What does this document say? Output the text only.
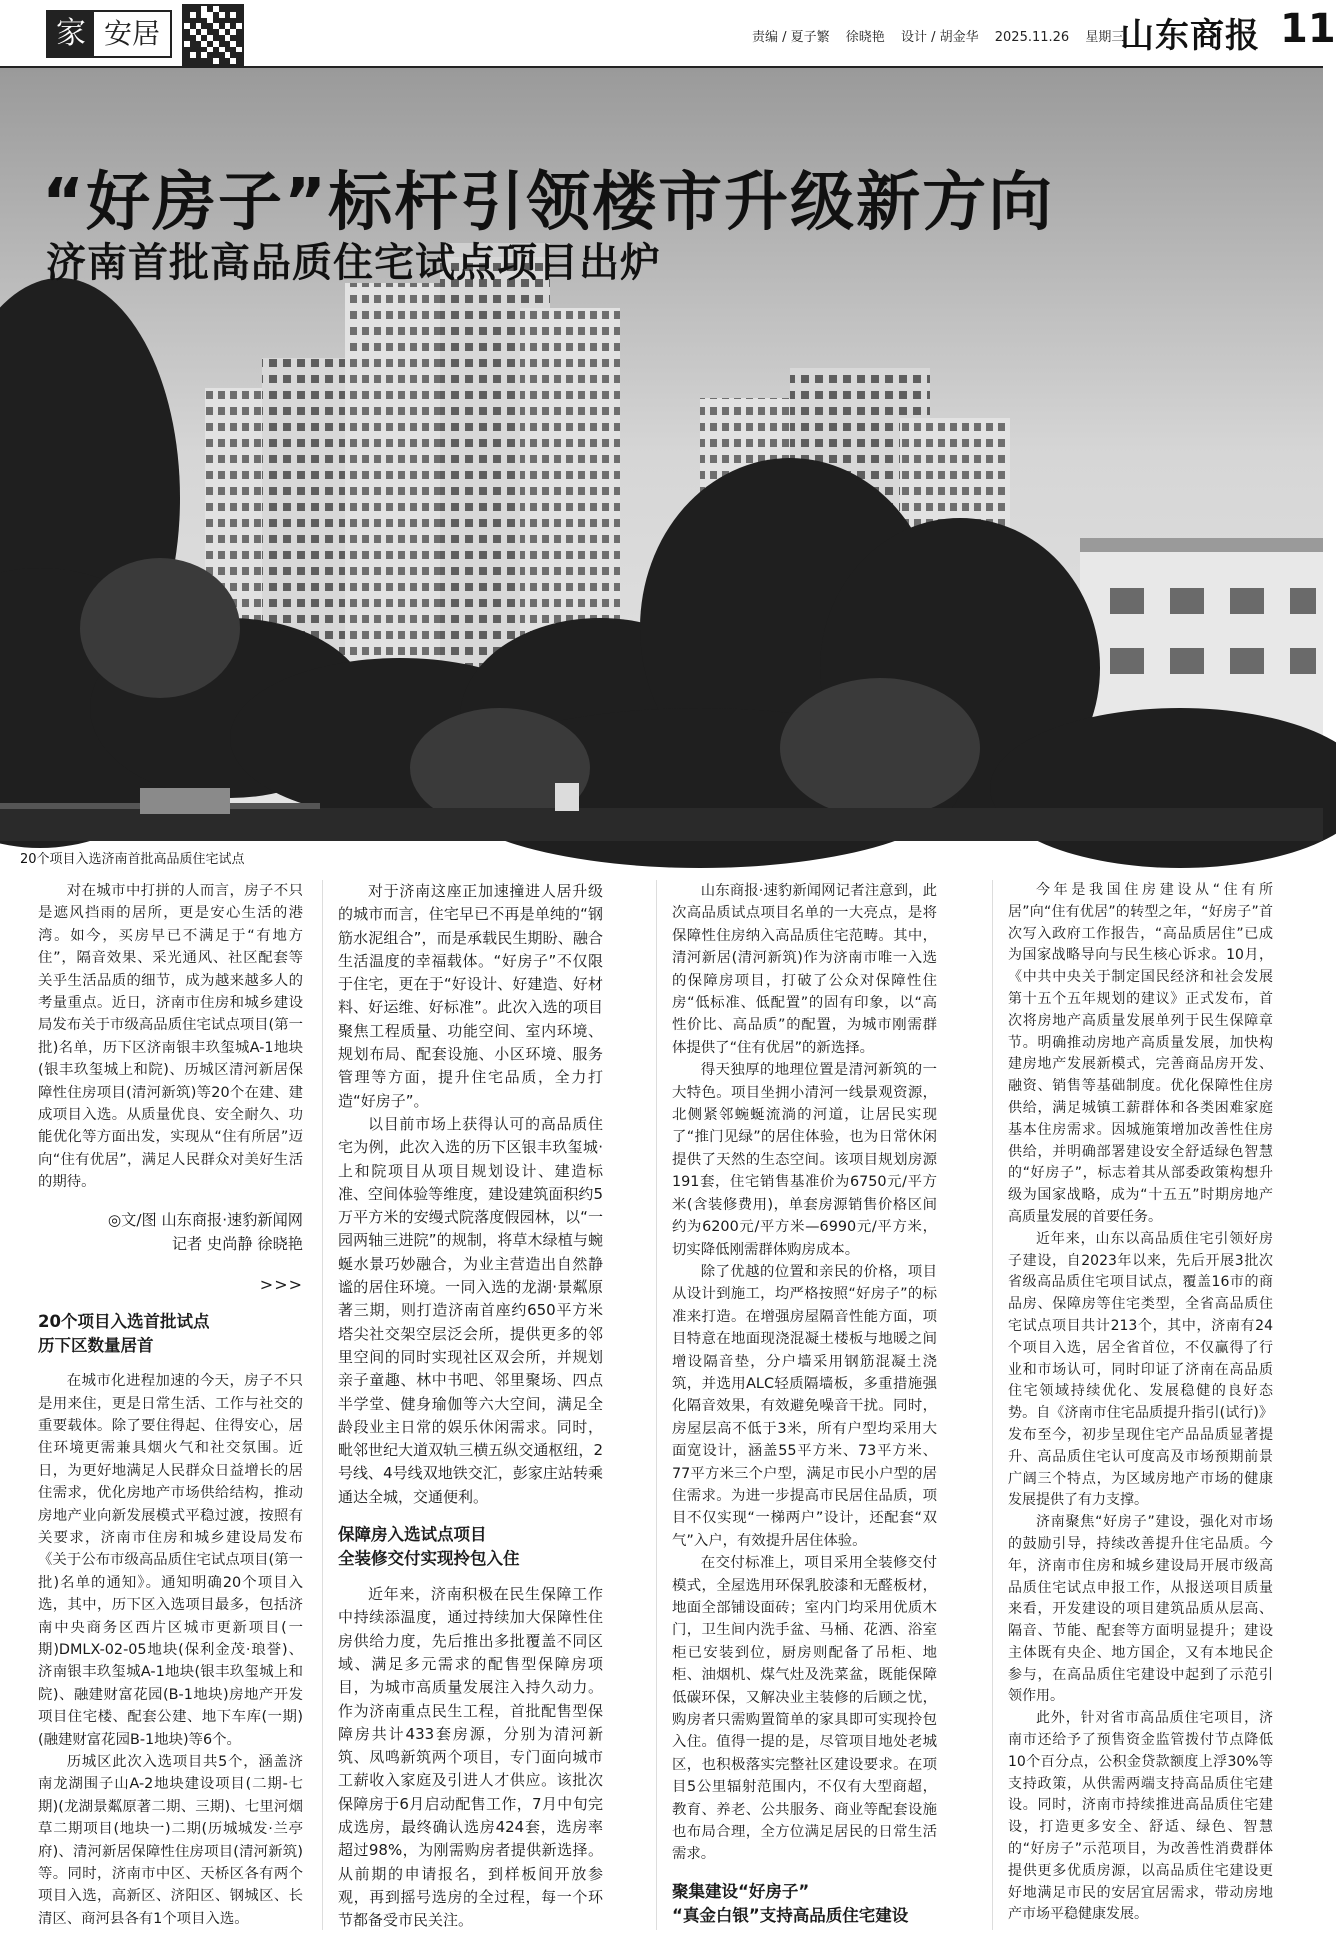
家 安居	责编 / 夏子繁 徐晓艳 设计 / 胡金华 2025.11.26 星期三
山东商报 11
“好房子”标杆引领楼市升级新方向
济南首批高品质住宅试点项目出炉
20个项目入选济南首批高品质住宅试点

对在城市中打拼的人而言，房子不只是遮风挡雨的居所，更是安心生活的港湾。如今，买房早已不满足于“有地方住”，隔音效果、采光通风、社区配套等关乎生活品质的细节，成为越来越多人的考量重点。近日，济南市住房和城乡建设局发布关于市级高品质住宅试点项目(第一批)名单，历下区济南银丰玖玺城A-1地块(银丰玖玺城上和院)、历城区清河新居保障性住房项目(清河新筑)等20个在建、建成项目入选。从质量优良、安全耐久、功能优化等方面出发，实现从“住有所居”迈向“住有优居”，满足人民群众对美好生活的期待。

◎文/图 山东商报·速豹新闻网
记者 史尚静 徐晓艳
>>>
20个项目入选首批试点
历下区数量居首

在城市化进程加速的今天，房子不只是用来住，更是日常生活、工作与社交的重要载体。除了要住得起、住得安心，居住环境更需兼具烟火气和社交氛围。近日，为更好地满足人民群众日益增长的居住需求，优化房地产市场供给结构，推动房地产业向新发展模式平稳过渡，按照有关要求，济南市住房和城乡建设局发布《关于公布市级高品质住宅试点项目(第一批)名单的通知》。通知明确20个项目入选，其中，历下区入选项目最多，包括济南中央商务区西片区城市更新项目(一期)DMLX-02-05地块(保利金茂·琅誉)、济南银丰玖玺城A-1地块(银丰玖玺城上和院)、融建财富花园(B-1地块)房地产开发项目住宅楼、配套公建、地下车库(一期)(融建财富花园B-1地块)等6个。

历城区此次入选项目共5个，涵盖济南龙湖围子山A-2地块建设项目(二期-七期)(龙湖景粼原著二期、三期)、七里河烟草二期项目(地块一)二期(历城城发·兰亭府)、清河新居保障性住房项目(清河新筑)等。同时，济南市中区、天桥区各有两个项目入选，高新区、济阳区、钢城区、长清区、商河县各有1个项目入选。

对于济南这座正加速撞进人居升级的城市而言，住宅早已不再是单纯的“钢筋水泥组合”，而是承载民生期盼、融合生活温度的幸福载体。“好房子”不仅限于住宅，更在于“好设计、好建造、好材料、好运维、好标准”。此次入选的项目聚焦工程质量、功能空间、室内环境、规划布局、配套设施、小区环境、服务管理等方面，提升住宅品质，全力打造“好房子”。

以目前市场上获得认可的高品质住宅为例，此次入选的历下区银丰玖玺城·上和院项目从项目规划设计、建造标准、空间体验等维度，建设建筑面积约5万平方米的安缦式院落度假园林，以“一园两轴三进院”的规制，将草木绿植与蜿蜒水景巧妙融合，为业主营造出自然静谧的居住环境。一同入选的龙湖·景粼原著三期，则打造济南首座约650平方米塔尖社交架空层泛会所，提供更多的邻里空间的同时实现社区双会所，并规划亲子童趣、林中书吧、邻里聚场、四点半学堂、健身瑜伽等六大空间，满足全龄段业主日常的娱乐休闲需求。同时，毗邻世纪大道双轨三横五纵交通枢纽，2号线、4号线双地铁交汇，彭家庄站转乘通达全城，交通便利。

保障房入选试点项目
全装修交付实现拎包入住

近年来，济南积极在民生保障工作中持续添温度，通过持续加大保障性住房供给力度，先后推出多批覆盖不同区域、满足多元需求的配售型保障房项目，为城市高质量发展注入持久动力。作为济南重点民生工程，首批配售型保障房共计433套房源，分别为清河新筑、凤鸣新筑两个项目，专门面向城市工薪收入家庭及引进人才供应。该批次保障房于6月启动配售工作，7月中旬完成选房，最终确认选房424套，选房率超过98%，为刚需购房者提供新选择。从前期的申请报名，到样板间开放参观，再到摇号选房的全过程，每一个环节都备受市民关注。

山东商报·速豹新闻网记者注意到，此次高品质试点项目名单的一大亮点，是将保障性住房纳入高品质住宅范畴。其中，清河新居(清河新筑)作为济南市唯一入选的保障房项目，打破了公众对保障性住房“低标准、低配置”的固有印象，以“高性价比、高品质”的配置，为城市刚需群体提供了“住有优居”的新选择。

得天独厚的地理位置是清河新筑的一大特色。项目坐拥小清河一线景观资源，北侧紧邻蜿蜒流淌的河道，让居民实现了“推门见绿”的居住体验，也为日常休闲提供了天然的生态空间。该项目规划房源191套，住宅销售基准价为6750元/平方米(含装修费用)，单套房源销售价格区间约为6200元/平方米—6990元/平方米，切实降低刚需群体购房成本。

除了优越的位置和亲民的价格，项目从设计到施工，均严格按照“好房子”的标准来打造。在增强房屋隔音性能方面，项目特意在地面现浇混凝土楼板与地暖之间增设隔音垫，分户墙采用钢筋混凝土浇筑，并选用ALC轻质隔墙板，多重措施强化隔音效果，有效避免噪音干扰。同时，房屋层高不低于3米，所有户型均采用大面宽设计，涵盖55平方米、73平方米、77平方米三个户型，满足市民小户型的居住需求。为进一步提高市民居住品质，项目不仅实现“一梯两户”设计，还配套“双气”入户，有效提升居住体验。

在交付标准上，项目采用全装修交付模式，全屋选用环保乳胶漆和无醛板材，地面全部铺设面砖；室内门均采用优质木门，卫生间内洗手盆、马桶、花洒、浴室柜已安装到位，厨房则配备了吊柜、地柜、油烟机、煤气灶及洗菜盆，既能保障低碳环保，又解决业主装修的后顾之忧，购房者只需购置简单的家具即可实现拎包入住。值得一提的是，尽管项目地处老城区，也积极落实完整社区建设要求。在项目5公里辐射范围内，不仅有大型商超，教育、养老、公共服务、商业等配套设施也布局合理，全方位满足居民的日常生活需求。

聚集建设“好房子”
“真金白银”支持高品质住宅建设

今年是我国住房建设从“住有所居”向“住有优居”的转型之年，“好房子”首次写入政府工作报告，“高品质居住”已成为国家战略导向与民生核心诉求。10月，《中共中央关于制定国民经济和社会发展第十五个五年规划的建议》正式发布，首次将房地产高质量发展单列于民生保障章节。明确推动房地产高质量发展，加快构建房地产发展新模式，完善商品房开发、融资、销售等基础制度。优化保障性住房供给，满足城镇工薪群体和各类困难家庭基本住房需求。因城施策增加改善性住房供给，并明确部署建设安全舒适绿色智慧的“好房子”，标志着其从部委政策构想升级为国家战略，成为“十五五”时期房地产高质量发展的首要任务。

近年来，山东以高品质住宅引领好房子建设，自2023年以来，先后开展3批次省级高品质住宅项目试点，覆盖16市的商品房、保障房等住宅类型，全省高品质住宅试点项目共计213个，其中，济南有24个项目入选，居全省首位，不仅赢得了行业和市场认可，同时印证了济南在高品质住宅领域持续优化、发展稳健的良好态势。自《济南市住宅品质提升指引(试行)》发布至今，初步呈现住宅产品品质显著提升、高品质住宅认可度高及市场预期前景广阔三个特点，为区域房地产市场的健康发展提供了有力支撑。

济南聚焦“好房子”建设，强化对市场的鼓励引导，持续改善提升住宅品质。今年，济南市住房和城乡建设局开展市级高品质住宅试点申报工作，从报送项目质量来看，开发建设的项目建筑品质从层高、隔音、节能、配套等方面明显提升；建设主体既有央企、地方国企，又有本地民企参与，在高品质住宅建设中起到了示范引领作用。

此外，针对省市高品质住宅项目，济南市还给予了预售资金监管拨付节点降低10个百分点，公积金贷款额度上浮30%等支持政策，从供需两端支持高品质住宅建设。同时，济南市持续推进高品质住宅建设，打造更多安全、舒适、绿色、智慧的“好房子”示范项目，为改善性消费群体提供更多优质房源，以高品质住宅建设更好地满足市民的安居宜居需求，带动房地产市场平稳健康发展。
